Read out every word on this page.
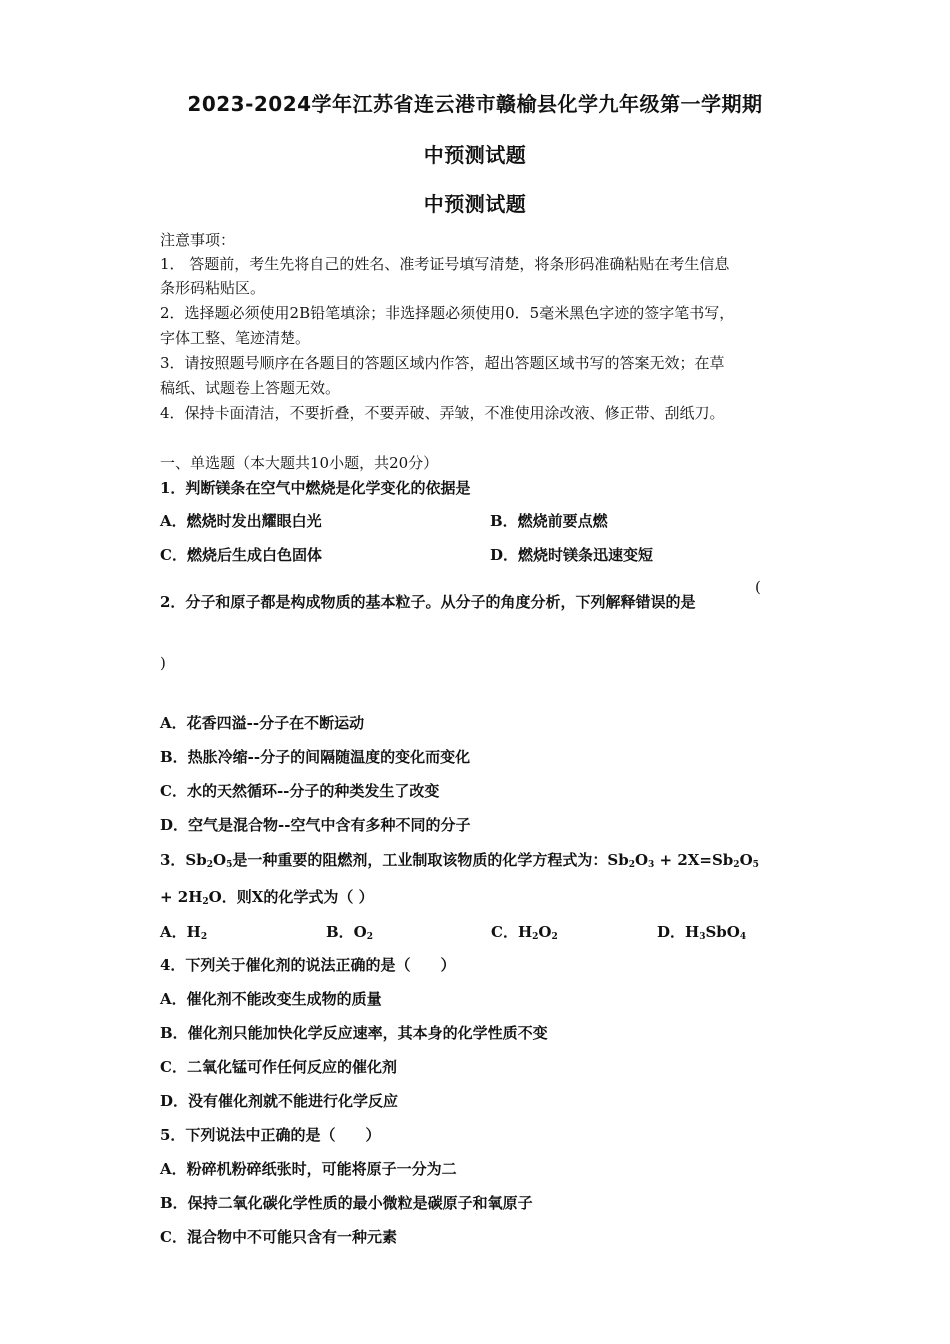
2023-2024学年江苏省连云港市赣榆县化学九年级第一学期期
中预测试题
中预测试题
注意事项：
1． 答题前，考生先将自己的姓名、准考证号填写清楚，将条形码准确粘贴在考生信息
条形码粘贴区。
2．选择题必须使用2B铅笔填涂；非选择题必须使用0．5毫米黑色字迹的签字笔书写，
字体工整、笔迹清楚。
3．请按照题号顺序在各题目的答题区域内作答，超出答题区域书写的答案无效；在草
稿纸、试题卷上答题无效。
4．保持卡面清洁，不要折叠，不要弄破、弄皱，不准使用涂改液、修正带、刮纸刀。
一、单选题（本大题共10小题，共20分）
1．判断镁条在空气中燃烧是化学变化的依据是
A．燃烧时发出耀眼白光	B．燃烧前要点燃
C．燃烧后生成白色固体	D．燃烧时镁条迅速变短
2．分子和原子都是构成物质的基本粒子。从分子的角度分析，下列解释错误的是
(
)
A．花香四溢--分子在不断运动
B．热胀冷缩--分子的间隔随温度的变化而变化
C．水的天然循环--分子的种类发生了改变
D．空气是混合物--空气中含有多种不同的分子
3．$Sb_2O_5$是一种重要的阻燃剂，工业制取该物质的化学方程式为：$Sb_2O_3 + 2X=Sb_2O_5$
+ $2H_2O$．则X的化学式为（ ）
A．$H_2$	B．$O_2$	C．$H_2O_2$	D．$H_3SbO_4$
4．下列关于催化剂的说法正确的是（　　）
A．催化剂不能改变生成物的质量
B．催化剂只能加快化学反应速率，其本身的化学性质不变
C．二氧化锰可作任何反应的催化剂
D．没有催化剂就不能进行化学反应
5．下列说法中正确的是（　　）
A．粉碎机粉碎纸张时，可能将原子一分为二
B．保持二氧化碳化学性质的最小微粒是碳原子和氧原子
C．混合物中不可能只含有一种元素
